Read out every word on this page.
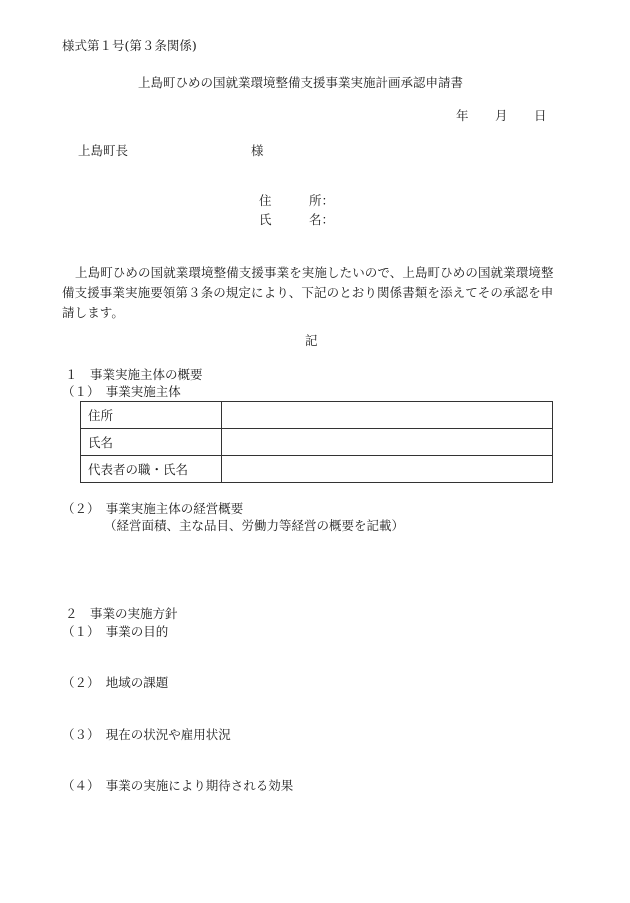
様式第１号(第３条関係)
上島町ひめの国就業環境整備支援事業実施計画承認申請書
年 月 日
上島町長	様
住　　　所：
氏　　　名：
上島町ひめの国就業環境整備支援事業を実施したいので、上島町ひめの国就業環境整備支援事業実施要領第３条の規定により、下記のとおり関係書類を添えてその承認を申請します。
記
１　事業実施主体の概要
（１）　事業実施主体
住所	
氏名	
代表者の職・氏名	
（２）　事業実施主体の経営概要
（経営面積、主な品目、労働力等経営の概要を記載）
２　事業の実施方針
（１）　事業の目的
（２）　地域の課題
（３）　現在の状況や雇用状況
（４）　事業の実施により期待される効果
